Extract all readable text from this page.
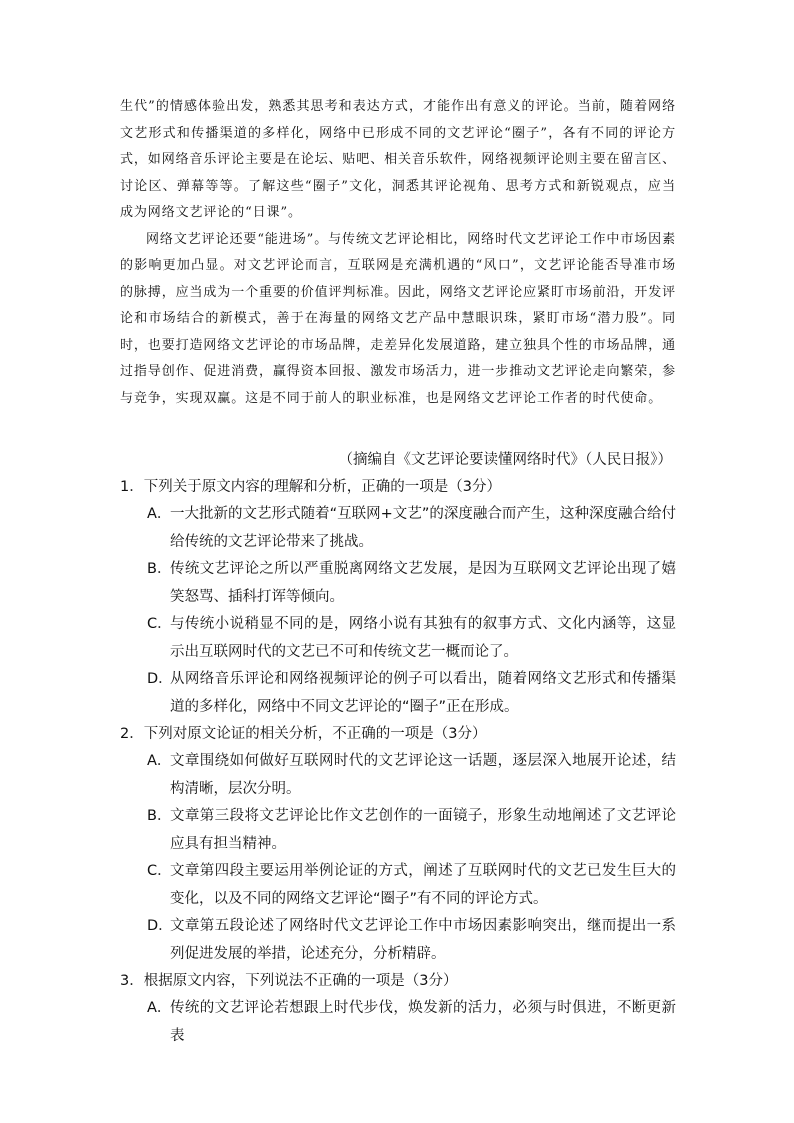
生代”的情感体验出发，熟悉其思考和表达方式，才能作出有意义的评论。当前，随着网络文艺形式和传播渠道的多样化，网络中已形成不同的文艺评论“圈子”，各有不同的评论方式，如网络音乐评论主要是在论坛、贴吧、相关音乐软件，网络视频评论则主要在留言区、讨论区、弹幕等等。了解这些“圈子”文化，洞悉其评论视角、思考方式和新锐观点，应当成为网络文艺评论的“日课”。

网络文艺评论还要“能进场”。与传统文艺评论相比，网络时代文艺评论工作中市场因素的影响更加凸显。对文艺评论而言，互联网是充满机遇的“风口”，文艺评论能否导准市场的脉搏，应当成为一个重要的价值评判标准。因此，网络文艺评论应紧盯市场前沿，开发评论和市场结合的新模式，善于在海量的网络文艺产品中慧眼识珠，紧盯市场“潜力股”。同时，也要打造网络文艺评论的市场品牌，走差异化发展道路，建立独具个性的市场品牌，通过指导创作、促进消费，赢得资本回报、激发市场活力，进一步推动文艺评论走向繁荣，参与竞争，实现双赢。这是不同于前人的职业标准，也是网络文艺评论工作者的时代使命。

（摘编自《文艺评论要读懂网络时代》（人民日报》）
1．下列关于原文内容的理解和分析，正确的一项是（3分）
A．
一大批新的文艺形式随着“互联网+文艺”的深度融合而产生，这种深度融合给付给传统的文艺评论带来了挑战。
B．
传统文艺评论之所以严重脱离网络文艺发展，是因为互联网文艺评论出现了嬉笑怒骂、插科打诨等倾向。
C．
与传统小说稍显不同的是，网络小说有其独有的叙事方式、文化内涵等，这显示出互联网时代的文艺已不可和传统文艺一概而论了。
D．
从网络音乐评论和网络视频评论的例子可以看出，随着网络文艺形式和传播渠道的多样化，网络中不同文艺评论的“圈子”正在形成。
2．下列对原文论证的相关分析，不正确的一项是（3分）
A．
文章围绕如何做好互联网时代的文艺评论这一话题，逐层深入地展开论述，结构清晰，层次分明。
B．
文章第三段将文艺评论比作文艺创作的一面镜子，形象生动地阐述了文艺评论应具有担当精神。
C．
文章第四段主要运用举例论证的方式，阐述了互联网时代的文艺已发生巨大的变化，以及不同的网络文艺评论“圈子”有不同的评论方式。
D．
文章第五段论述了网络时代文艺评论工作中市场因素影响突出，继而提出一系列促进发展的举措，论述充分，分析精辟。
3．根据原文内容，下列说法不正确的一项是（3分）
A．
传统的文艺评论若想跟上时代步伐，焕发新的活力，必须与时俱进，不断更新表
